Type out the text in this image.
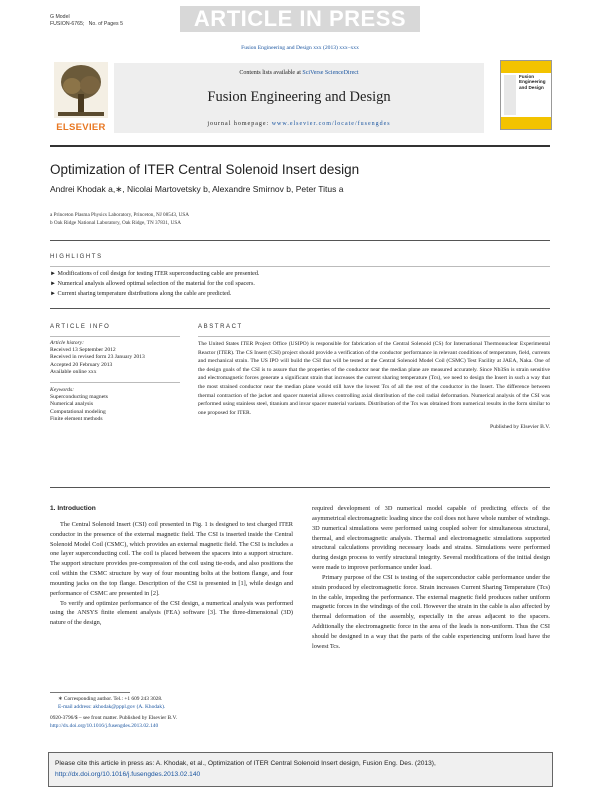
G Model
FUSION-6765; No. of Pages 5	ARTICLE IN PRESS
Fusion Engineering and Design xxx (2013) xxx–xxx
ELSEVIER
Contents lists available at SciVerse ScienceDirect
Fusion Engineering and Design
journal homepage: www.elsevier.com/locate/fusengdes
Fusion Engineering and Design
Optimization of ITER Central Solenoid Insert design
Andrei Khodak a,∗, Nicolai Martovetsky b, Alexandre Smirnov b, Peter Titus a
a Princeton Plasma Physics Laboratory, Princeton, NJ 08543, USA
b Oak Ridge National Laboratory, Oak Ridge, TN 37831, USA
HIGHLIGHTS
► Modifications of coil design for testing ITER superconducting cable are presented.
► Numerical analysis allowed optimal selection of the material for the coil spacers.
► Current sharing temperature distributions along the cable are predicted.
ARTICLE INFO	ABSTRACT
Article history:
Received 13 September 2012
Received in revised form 23 January 2013
Accepted 20 February 2013
Available online xxx
Keywords:
Superconducting magnets
Numerical analysis
Computational modeling
Finite element methods
The United States ITER Project Office (USIPO) is responsible for fabrication of the Central Solenoid (CS) for International Thermonuclear Experimental Reactor (ITER). The CS Insert (CSI) project should provide a verification of the conductor performance in relevant conditions of temperature, field, currents and mechanical strain. The US IPO will build the CSI that will be tested at the Central Solenoid Model Coil (CSMC) Test Facility at JAEA, Naka. One of the design goals of the CSI is to assure that the properties of the conductor near the median plane are measured accurately. Since Nb3Sn is strain sensitive and electromagnetic forces generate a significant strain that increases the current sharing temperature (Tcs), we need to design the Insert in such a way that the most strained conductor near the median plane would still have the lowest Tcs of all the rest of the conductor in the Insert. The difference between thermal contraction of the jacket and spacer material allows controlling axial distribution of the coil radial deformation. Numerical analysis of the CSI was performed using stainless steel, titanium and invar spacer material variants. Distribution of the Tcs was obtained from numerical results in the form similar to one proposed for ITER.
Published by Elsevier B.V.
1. Introduction
The Central Solenoid Insert (CSI) coil presented in Fig. 1 is designed to test charged ITER conductor in the presence of the external magnetic field. The CSI is inserted inside the Central Solenoid Model Coil (CSMC), which provides an external magnetic field. The CSI is includes a one layer superconducting coil. The coil is placed between the spacers into a support structure. The support structure provides pre-compression of the coil using tie-rods, and also positions the coil within the CSMC structure by way of four mounting bolts at the bottom flange, and four mounting jacks on the top flange. Description of the CSI is presented in [1], while design and performance of CSMC are presented in [2].
To verify and optimize performance of the CSI design, a numerical analysis was performed using the ANSYS finite element analysis (FEA) software [3]. The three-dimensional (3D) nature of the design,
required development of 3D numerical model capable of predicting effects of the asymmetrical electromagnetic loading since the coil does not have whole number of windings. 3D numerical simulations were performed using coupled solver for simultaneous structural, thermal, and electromagnetic analysis. Thermal and electromagnetic simulations supported structural calculations providing necessary loads and strains. Simulations were performed during design process to verify structural integrity. Several modifications of the initial design were made to improve performance under load.
Primary purpose of the CSI is testing of the superconductor cable performance under the strain produced by electromagnetic force. Strain increases Current Sharing Temperature (Tcs) in the cable, impeding the performance. The external magnetic field produces rather uniform magnetic forces in the windings of the coil. However the strain in the cable is also affected by thermal deformation of the assembly, especially in the areas adjacent to the spacers. Additionally the electromagnetic force in the area of the leads is non-uniform. Thus the CSI should be designed in a way that the parts of the cable experiencing uniform load have the lowest Tcs.
∗ Corresponding author. Tel.: +1 609 243 3028.
E-mail address: akhodak@pppl.gov (A. Khodak).
0920-3796/$ – see front matter. Published by Elsevier B.V.
http://dx.doi.org/10.1016/j.fusengdes.2013.02.140
Please cite this article in press as: A. Khodak, et al., Optimization of ITER Central Solenoid Insert design, Fusion Eng. Des. (2013),
http://dx.doi.org/10.1016/j.fusengdes.2013.02.140
